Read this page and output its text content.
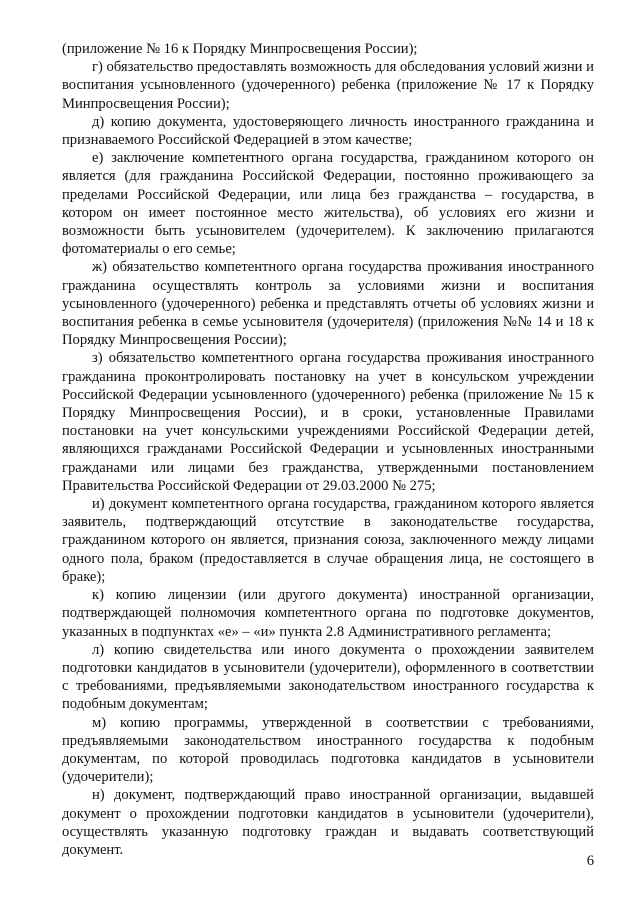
(приложение № 16 к Порядку Минпросвещения России);

г) обязательство предоставлять возможность для обследования условий жизни и воспитания усыновленного (удочеренного) ребенка (приложение № 17 к Порядку Минпросвещения России);

д) копию документа, удостоверяющего личность иностранного гражданина и признаваемого Российской Федерацией в этом качестве;

е) заключение компетентного органа государства, гражданином которого он является (для гражданина Российской Федерации, постоянно проживающего за пределами Российской Федерации, или лица без гражданства – государства, в котором он имеет постоянное место жительства), об условиях его жизни и возможности быть усыновителем (удочерителем). К заключению прилагаются фотоматериалы о его семье;

ж) обязательство компетентного органа государства проживания иностранного гражданина осуществлять контроль за условиями жизни и воспитания усыновленного (удочеренного) ребенка и представлять отчеты об условиях жизни и воспитания ребенка в семье усыновителя (удочерителя) (приложения №№ 14 и 18 к Порядку Минпросвещения России);

з) обязательство компетентного органа государства проживания иностранного гражданина проконтролировать постановку на учет в консульском учреждении Российской Федерации усыновленного (удочеренного) ребенка (приложение № 15 к Порядку Минпросвещения России), и в сроки, установленные Правилами постановки на учет консульскими учреждениями Российской Федерации детей, являющихся гражданами Российской Федерации и усыновленных иностранными гражданами или лицами без гражданства, утвержденными постановлением Правительства Российской Федерации от 29.03.2000 № 275;

и) документ компетентного органа государства, гражданином которого является заявитель, подтверждающий отсутствие в законодательстве государства, гражданином которого он является, признания союза, заключенного между лицами одного пола, браком (предоставляется в случае обращения лица, не состоящего в браке);

к) копию лицензии (или другого документа) иностранной организации, подтверждающей полномочия компетентного органа по подготовке документов, указанных в подпунктах «е» – «и» пункта 2.8 Административного регламента;

л) копию свидетельства или иного документа о прохождении заявителем подготовки кандидатов в усыновители (удочерители), оформленного в соответствии с требованиями, предъявляемыми законодательством иностранного государства к подобным документам;

м) копию программы, утвержденной в соответствии с требованиями, предъявляемыми законодательством иностранного государства к подобным документам, по которой проводилась подготовка кандидатов в усыновители (удочерители);

н) документ, подтверждающий право иностранной организации, выдавшей документ о прохождении подготовки кандидатов в усыновители (удочерители), осуществлять указанную подготовку граждан и выдавать соответствующий документ.

6
